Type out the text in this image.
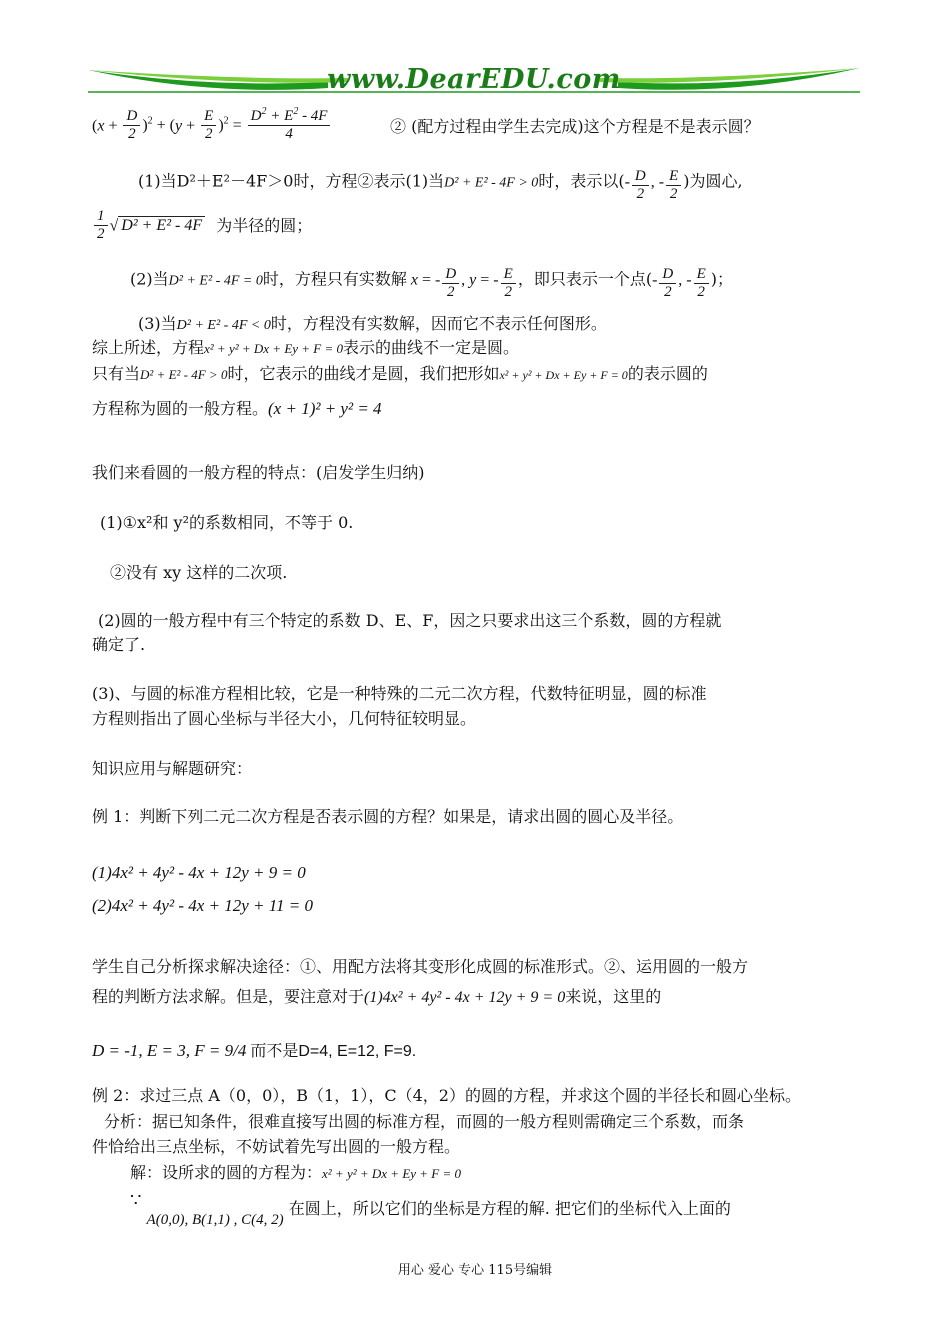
www.DearEDU.com
$(x + \frac{D}{2} )^2 + (y + \frac{E}{2} )^2 = \frac{D^2 + E^2 - 4F}{4}$	② (配方过程由学生去完成)这个方程是不是表示圆？
(1)当D²＋E²－4F＞0时，方程②表示(1)当D² + E² - 4F > 0时，表示以(- $\frac{D}{2}$ , - $\frac{E}{2}$ )为圆心,
$\frac{1}{2}$ √ D² + E² - 4F 为半径的圆；
(2)当D² + E² - 4F = 0时，方程只有实数解 x = - $\frac{D}{2}$ , y = - $\frac{E}{2}$ ，即只表示一个点(- $\frac{D}{2}$ , - $\frac{E}{2}$ )；
(3)当D² + E² - 4F < 0时，方程没有实数解，因而它不表示任何图形。
综上所述，方程x² + y² + Dx + Ey + F = 0表示的曲线不一定是圆。
只有当D² + E² - 4F > 0时，它表示的曲线才是圆，我们把形如x² + y² + Dx + Ey + F = 0的表示圆的
方程称为圆的一般方程。(x + 1)² + y² = 4
我们来看圆的一般方程的特点：(启发学生归纳)
(1)①x²和 y²的系数相同，不等于 0.
②没有 xy 这样的二次项.
(2)圆的一般方程中有三个特定的系数 D、E、F，因之只要求出这三个系数，圆的方程就
确定了.
(3)、与圆的标准方程相比较，它是一种特殊的二元二次方程，代数特征明显，圆的标准
方程则指出了圆心坐标与半径大小，几何特征较明显。
知识应用与解题研究：
例 1：判断下列二元二次方程是否表示圆的方程？如果是，请求出圆的圆心及半径。
(1)4x² + 4y² - 4x + 12y + 9 = 0
(2)4x² + 4y² - 4x + 12y + 11 = 0
学生自己分析探求解决途径：①、用配方法将其变形化成圆的标准形式。②、运用圆的一般方
程的判断方法求解。但是，要注意对于(1)4x² + 4y² - 4x + 12y + 9 = 0来说，这里的
D = -1, E = 3, F = 9/4 而不是D=4, E=12, F=9.
例 2：求过三点 A（0，0），B（1，1），C（4，2）的圆的方程，并求这个圆的半径长和圆心坐标。
分析：据已知条件，很难直接写出圆的标准方程，而圆的一般方程则需确定三个系数，而条
件恰给出三点坐标，不妨试着先写出圆的一般方程。
解：设所求的圆的方程为：x² + y² + Dx + Ey + F = 0
∵ A(0,0), B(1,1) , C(4, 2) 在圆上，所以它们的坐标是方程的解. 把它们的坐标代入上面的
用心 爱心 专心 115号编辑
